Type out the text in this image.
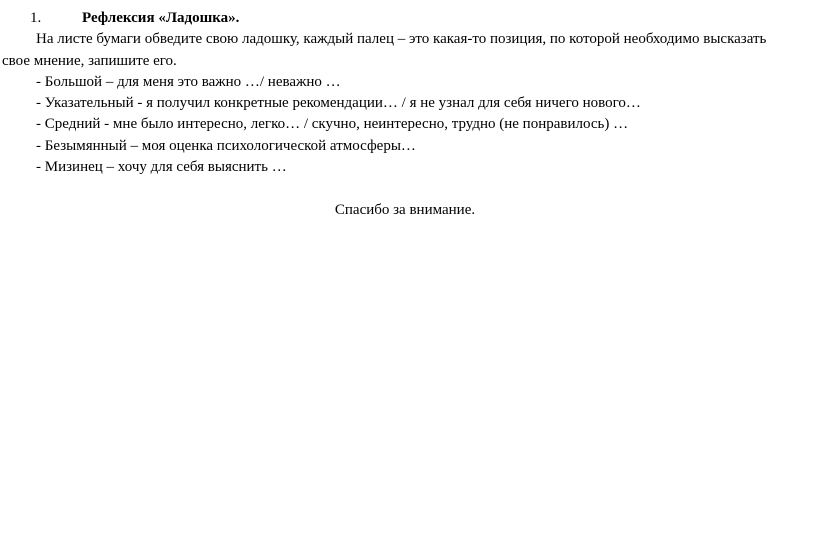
1.	Рефлексия «Ладошка».
На листе бумаги обведите свою ладошку, каждый палец – это какая-то позиция, по которой необходимо высказать
свое мнение, запишите его.
- Большой – для меня это важно …/ неважно …
- Указательный - я получил конкретные рекомендации… / я не узнал для себя ничего нового…
- Средний - мне было интересно, легко… / скучно, неинтересно, трудно (не понравилось) …
- Безымянный – моя оценка психологической атмосферы…
- Мизинец – хочу для себя выяснить …
Спасибо за внимание.
